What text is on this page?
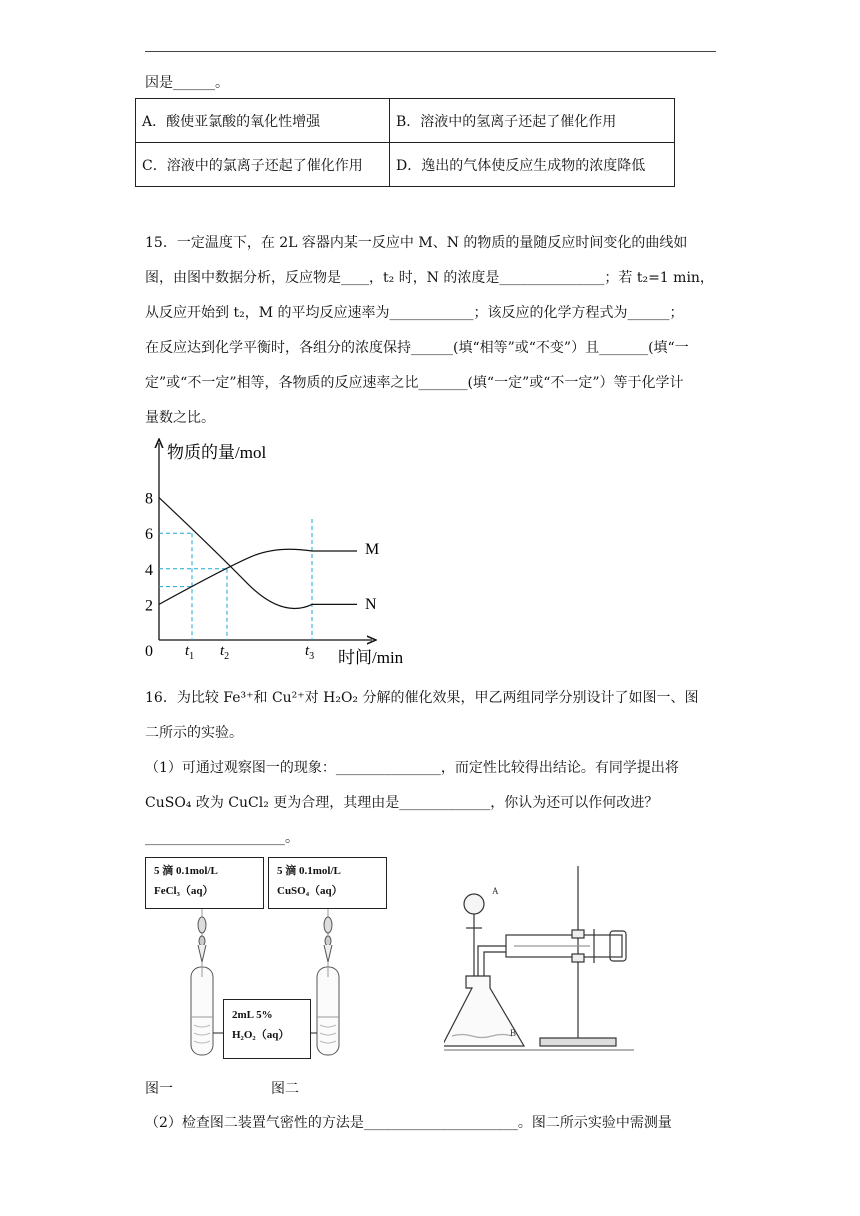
因是______。
A．酸使亚氯酸的氧化性增强	B．溶液中的氢离子还起了催化作用
C．溶液中的氯离子还起了催化作用	D．逸出的气体使反应生成物的浓度降低
15．一定温度下，在 2L 容器内某一反应中 M、N 的物质的量随反应时间变化的曲线如
图，由图中数据分析，反应物是____，t₂ 时，N 的浓度是_______________；若 t₂=1 min，
从反应开始到 t₂，M 的平均反应速率为____________；该反应的化学方程式为______；
在反应达到化学平衡时，各组分的浓度保持______(填“相等”或“不变”）且_______(填“一
定”或“不一定”相等，各物质的反应速率之比_______(填“一定”或“不一定”）等于化学计
量数之比。
物质的量/mol
时间/min
0
2
4
6
8
$t_1$ $t_2$	$t_3$
M
N
16．为比较 Fe³⁺和 Cu²⁺对 H₂O₂ 分解的催化效果，甲乙两组同学分别设计了如图一、图
二所示的实验。
（1）可通过观察图一的现象：_______________，而定性比较得出结论。有同学提出将
CuSO₄ 改为 CuCl₂ 更为合理，其理由是_____________，你认为还可以作何改进？
____________________。
5 滴 0.1mol/L
FeCl₃（aq）
5 滴 0.1mol/L
CuSO₄（aq）
2mL 5%
H₂O₂（aq）
A
B
图一	图二
（2）检查图二装置气密性的方法是______________________。图二所示实验中需测量
